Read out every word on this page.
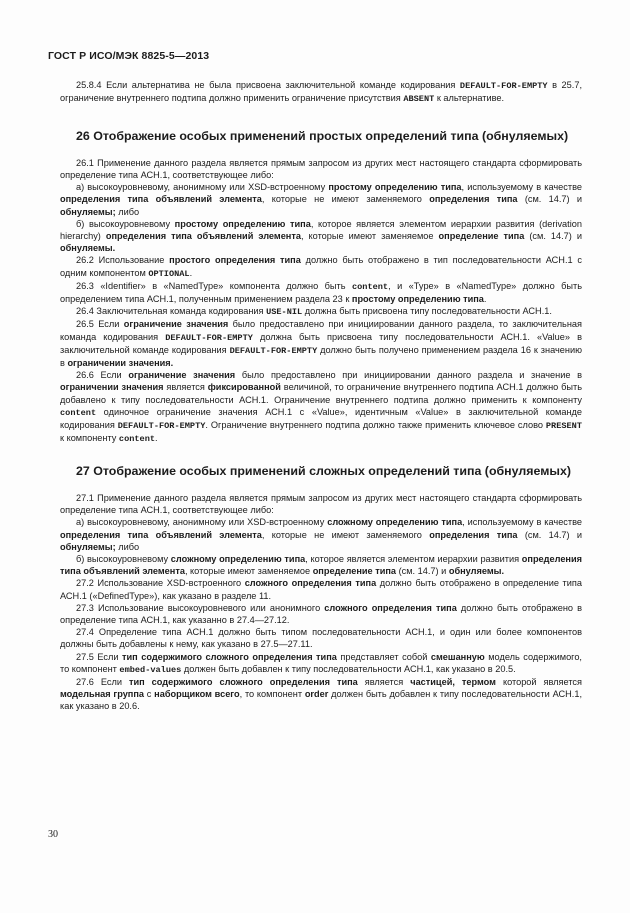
ГОСТ Р ИСО/МЭК 8825-5—2013

25.8.4 Если альтернатива не была присвоена заключительной команде кодирования DEFAULT-FOR-EMPTY в 25.7, ограничение внутреннего подтипа должно применить ограничение присутствия ABSENT к альтернативе.

26 Отображение особых применений простых определений типа (обнуляемых)

26.1 Применение данного раздела является прямым запросом из других мест настоящего стандарта сформировать определение типа АСН.1, соответствующее либо:

а) высокоуровневому, анонимному или XSD-встроенному простому определению типа, используемому в качестве определения типа объявлений элемента, которые не имеют заменяемого определения типа (см. 14.7) и обнуляемы; либо

б) высокоуровневому простому определению типа, которое является элементом иерархии развития (derivation hierarchy) определения типа объявлений элемента, которые имеют заменяемое определение типа (см. 14.7) и обнуляемы.

26.2 Использование простого определения типа должно быть отображено в тип последовательности АСН.1 с одним компонентом OPTIONAL.

26.3 «Identifier» в «NamedType» компонента должно быть content, и «Type» в «NamedType» должно быть определением типа АСН.1, полученным применением раздела 23 к простому определению типа.

26.4 Заключительная команда кодирования USE-NIL должна быть присвоена типу последовательности АСН.1.

26.5 Если ограничение значения было предоставлено при инициировании данного раздела, то заключительная команда кодирования DEFAULT-FOR-EMPTY должна быть присвоена типу последовательности АСН.1. «Value» в заключительной команде кодирования DEFAULT-FOR-EMPTY должно быть получено применением раздела 16 к значению в ограничении значения.

26.6 Если ограничение значения было предоставлено при инициировании данного раздела и значение в ограничении значения является фиксированной величиной, то ограничение внутреннего подтипа АСН.1 должно быть добавлено к типу последовательности АСН.1. Ограничение внутреннего подтипа должно применить к компоненту content одиночное ограничение значения АСН.1 с «Value», идентичным «Value» в заключительной команде кодирования DEFAULT-FOR-EMPTY. Ограничение внутреннего подтипа должно также применить ключевое слово PRESENT к компоненту content.

27 Отображение особых применений сложных определений типа (обнуляемых)

27.1 Применение данного раздела является прямым запросом из других мест настоящего стандарта сформировать определение типа АСН.1, соответствующее либо:

а) высокоуровневому, анонимному или XSD-встроенному сложному определению типа, используемому в качестве определения типа объявлений элемента, которые не имеют заменяемого определения типа (см. 14.7) и обнуляемы; либо

б) высокоуровневому сложному определению типа, которое является элементом иерархии развития определения типа объявлений элемента, которые имеют заменяемое определение типа (см. 14.7) и обнуляемы.

27.2 Использование XSD-встроенного сложного определения типа должно быть отображено в определение типа АСН.1 («DefinedType»), как указано в разделе 11.

27.3 Использование высокоуровневого или анонимного сложного определения типа должно быть отображено в определение типа АСН.1, как указанно в 27.4—27.12.

27.4 Определение типа АСН.1 должно быть типом последовательности АСН.1, и один или более компонентов должны быть добавлены к нему, как указано в 27.5—27.11.

27.5 Если тип содержимого сложного определения типа представляет собой смешанную модель содержимого, то компонент embed-values должен быть добавлен к типу последовательности АСН.1, как указано в 20.5.

27.6 Если тип содержимого сложного определения типа является частицей, термом которой является модельная группа с наборщиком всего, то компонент order должен быть добавлен к типу последовательности АСН.1, как указано в 20.6.

30
